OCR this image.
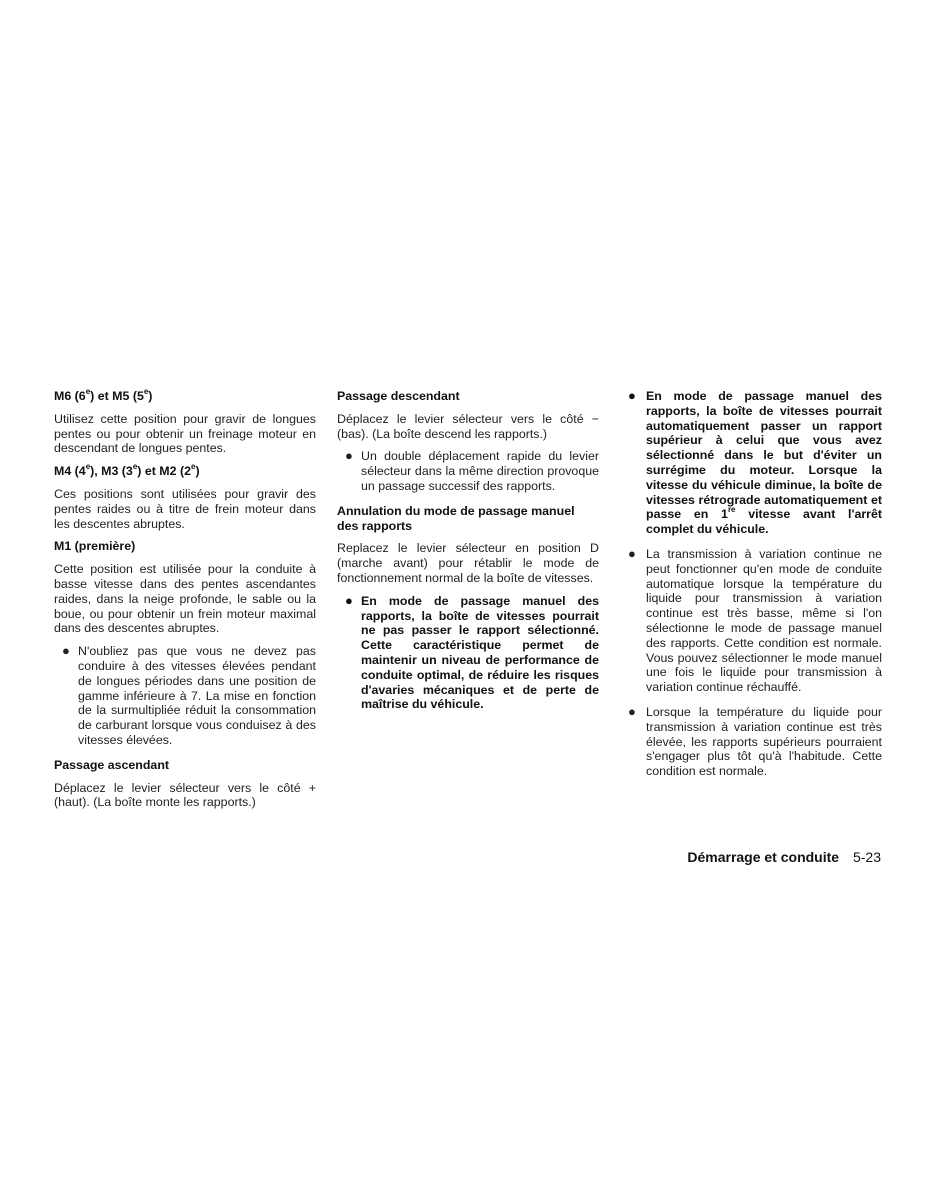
M6 (6e) et M5 (5e)

Utilisez cette position pour gravir de longues pentes ou pour obtenir un freinage moteur en descendant de longues pentes.

M4 (4e), M3 (3e) et M2 (2e)

Ces positions sont utilisées pour gravir des pentes raides ou à titre de frein moteur dans les descentes abruptes.

M1 (première)

Cette position est utilisée pour la conduite à basse vitesse dans des pentes ascendantes raides, dans la neige profonde, le sable ou la boue, ou pour obtenir un frein moteur maximal dans des descentes abruptes.

● N'oubliez pas que vous ne devez pas conduire à des vitesses élevées pendant de longues périodes dans une position de gamme inférieure à 7. La mise en fonction de la surmultipliée réduit la consommation de carburant lorsque vous conduisez à des vitesses élevées.
Passage ascendant

Déplacez le levier sélecteur vers le côté + (haut). (La boîte monte les rapports.)

Passage descendant

Déplacez le levier sélecteur vers le côté − (bas). (La boîte descend les rapports.)

● Un double déplacement rapide du levier sélecteur dans la même direction provoque un passage successif des rapports.
Annulation du mode de passage manuel des rapports

Replacez le levier sélecteur en position D (marche avant) pour rétablir le mode de fonctionnement normal de la boîte de vitesses.

● En mode de passage manuel des rapports, la boîte de vitesses pourrait ne pas passer le rapport sélectionné. Cette caractéristique permet de maintenir un niveau de performance de conduite optimal, de réduire les risques d'avaries mécaniques et de perte de maîtrise du véhicule.
● En mode de passage manuel des rapports, la boîte de vitesses pourrait automatiquement passer un rapport supérieur à celui que vous avez sélectionné dans le but d'éviter un surrégime du moteur. Lorsque la vitesse du véhicule diminue, la boîte de vitesses rétrograde automatiquement et passe en 1re vitesse avant l'arrêt complet du véhicule.
● La transmission à variation continue ne peut fonctionner qu'en mode de conduite automatique lorsque la température du liquide pour transmission à variation continue est très basse, même si l'on sélectionne le mode de passage manuel des rapports. Cette condition est normale. Vous pouvez sélectionner le mode manuel une fois le liquide pour transmission à variation continue réchauffé.
● Lorsque la température du liquide pour transmission à variation continue est très élevée, les rapports supérieurs pourraient s'engager plus tôt qu'à l'habitude. Cette condition est normale.
Démarrage et conduite 5-23
